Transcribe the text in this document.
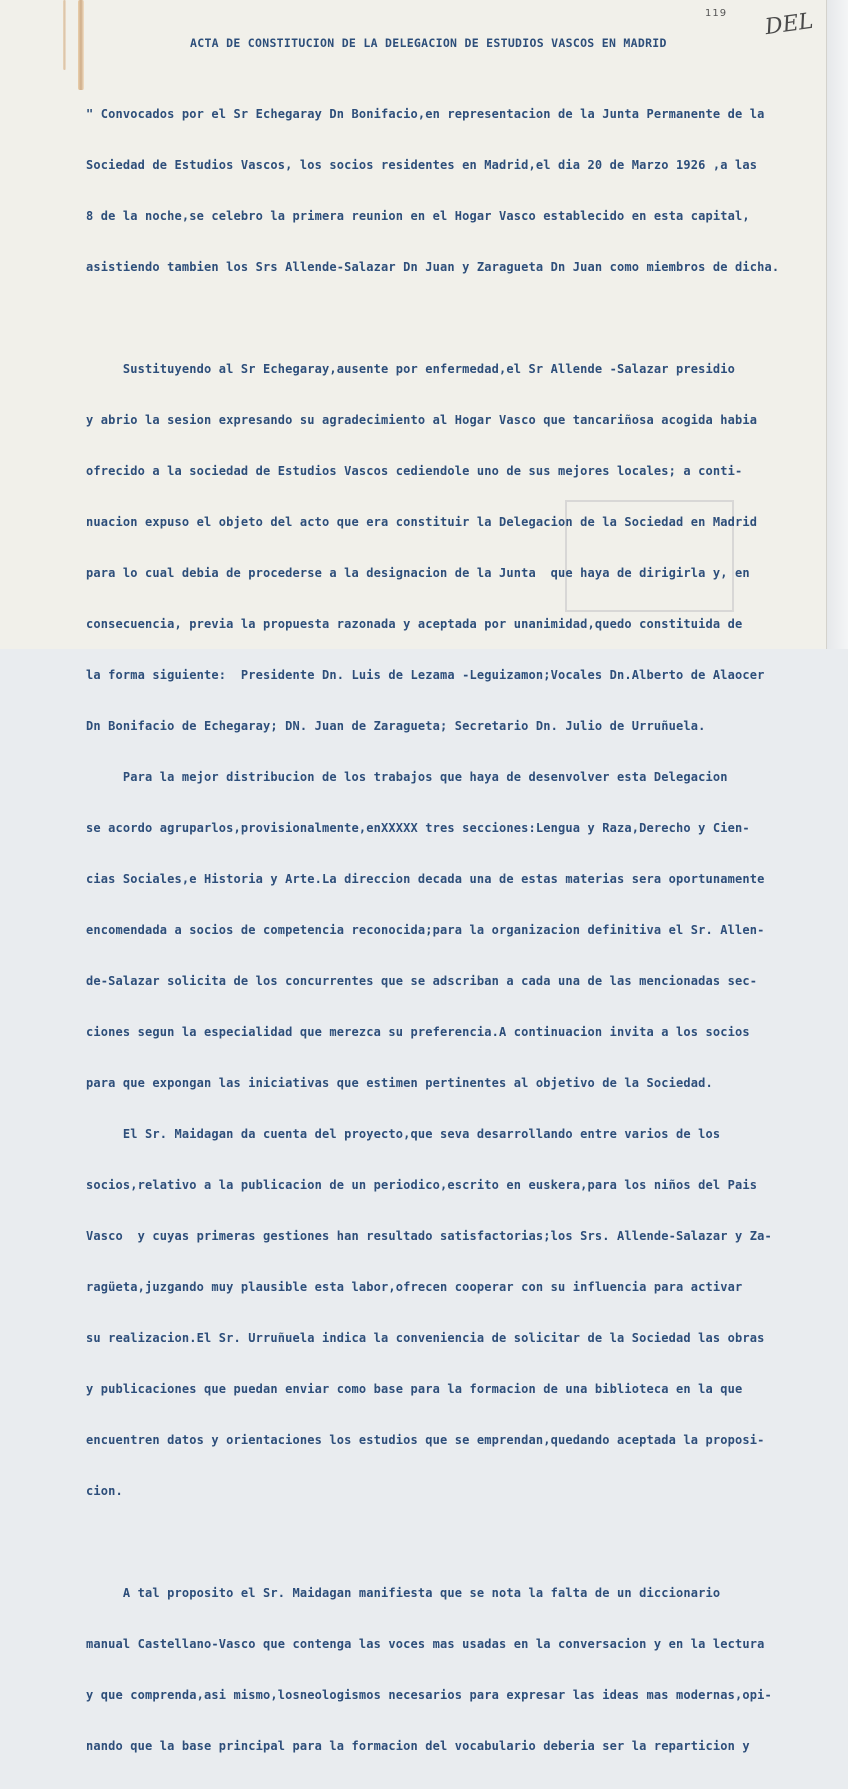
119 DEL
ACTA DE CONSTITUCION DE LA DELEGACION DE ESTUDIOS VASCOS EN MADRID

" Convocados por el Sr Echegaray Dn Bonifacio,en representacion de la Junta Permanente de la

Sociedad de Estudios Vascos, los socios residentes en Madrid,el dia 20 de Marzo 1926 ,a las

8 de la noche,se celebro la primera reunion en el Hogar Vasco establecido en esta capital,

asistiendo tambien los Srs Allende-Salazar Dn Juan y Zaragueta Dn Juan como miembros de dicha.

Sustituyendo al Sr Echegaray,ausente por enfermedad,el Sr Allende -Salazar presidio

y abrio la sesion expresando su agradecimiento al Hogar Vasco que tancariñosa acogida habia

ofrecido a la sociedad de Estudios Vascos cediendole uno de sus mejores locales; a conti-

nuacion expuso el objeto del acto que era constituir la Delegacion de la Sociedad en Madrid

para lo cual debia de procederse a la designacion de la Junta  que haya de dirigirla y, en

consecuencia, previa la propuesta razonada y aceptada por unanimidad,quedo constituida de

la forma siguiente:  Presidente Dn. Luis de Lezama -Leguizamon;Vocales Dn.Alberto de Alaocer

Dn Bonifacio de Echegaray; DN. Juan de Zaragueta; Secretario Dn. Julio de Urruñuela.

Para la mejor distribucion de los trabajos que haya de desenvolver esta Delegacion

se acordo agruparlos,provisionalmente,enXXXXX tres secciones:Lengua y Raza,Derecho y Cien-

cias Sociales,e Historia y Arte.La direccion decada una de estas materias sera oportunamente

encomendada a socios de competencia reconocida;para la organizacion definitiva el Sr. Allen-

de-Salazar solicita de los concurrentes que se adscriban a cada una de las mencionadas sec-

ciones segun la especialidad que merezca su preferencia.A continuacion invita a los socios

para que expongan las iniciativas que estimen pertinentes al objetivo de la Sociedad.

El Sr. Maidagan da cuenta del proyecto,que seva desarrollando entre varios de los

socios,relativo a la publicacion de un periodico,escrito en euskera,para los niños del Pais

Vasco  y cuyas primeras gestiones han resultado satisfactorias;los Srs. Allende-Salazar y Za-

ragüeta,juzgando muy plausible esta labor,ofrecen cooperar con su influencia para activar

su realizacion.El Sr. Urruñuela indica la conveniencia de solicitar de la Sociedad las obras

y publicaciones que puedan enviar como base para la formacion de una biblioteca en la que

encuentren datos y orientaciones los estudios que se emprendan,quedando aceptada la proposi-

cion.

A tal proposito el Sr. Maidagan manifiesta que se nota la falta de un diccionario

manual Castellano-Vasco que contenga las voces mas usadas en la conversacion y en la lectura

y que comprenda,asi mismo,losneologismos necesarios para expresar las ideas mas modernas,opi-

nando que la base principal para la formacion del vocabulario deberia ser la reparticion y
